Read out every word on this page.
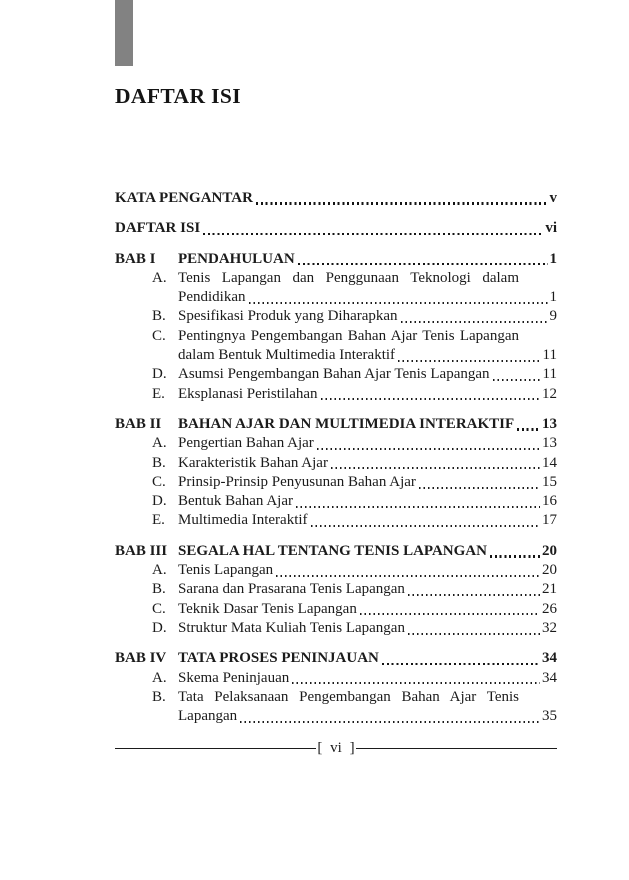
DAFTAR ISI
KATA PENGANTAR	v
DAFTAR ISI	vi
BAB I	PENDAHULUAN	1
A. Tenis Lapangan dan Penggunaan Teknologi dalam
Pendidikan	1
B. Spesifikasi Produk yang Diharapkan	9
C. Pentingnya Pengembangan Bahan Ajar Tenis Lapangan
dalam Bentuk Multimedia Interaktif	11
D. Asumsi Pengembangan Bahan Ajar Tenis Lapangan	11
E. Eksplanasi Peristilahan	12
BAB II	BAHAN AJAR DAN MULTIMEDIA INTERAKTIF 13
A. Pengertian Bahan Ajar	13
B. Karakteristik Bahan Ajar	14
C. Prinsip-Prinsip Penyusunan Bahan Ajar	15
D. Bentuk Bahan Ajar	16
E. Multimedia Interaktif	17
BAB III SEGALA HAL TENTANG TENIS LAPANGAN	20
A. Tenis Lapangan	20
B. Sarana dan Prasarana Tenis Lapangan	21
C. Teknik Dasar Tenis Lapangan	26
D. Struktur Mata Kuliah Tenis Lapangan	32
BAB IV TATA PROSES PENINJAUAN	34
A. Skema Peninjauan	34
B. Tata Pelaksanaan Pengembangan Bahan Ajar Tenis
Lapangan	35
[ vi ]
